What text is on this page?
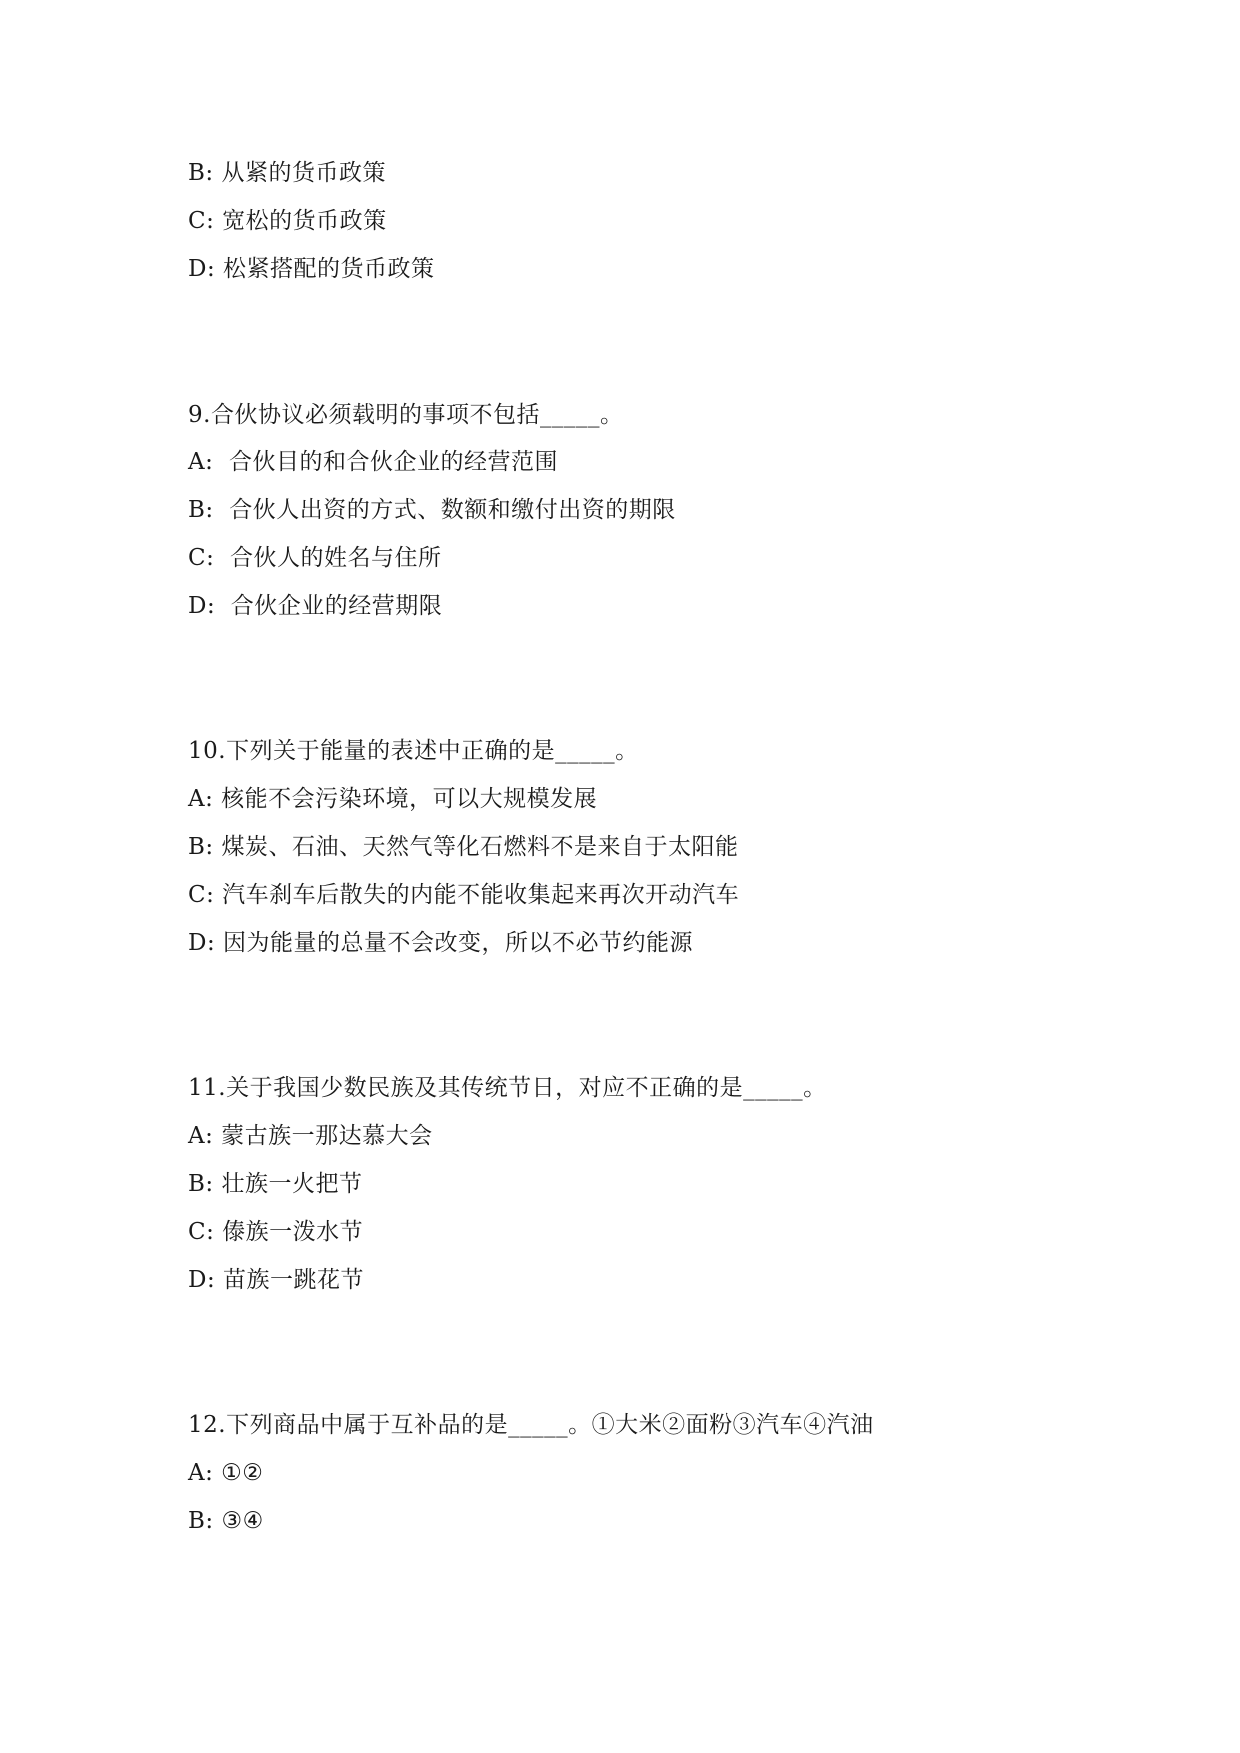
B: 从紧的货币政策
C: 宽松的货币政策
D: 松紧搭配的货币政策
9.合伙协议必须载明的事项不包括_____。
A:  合伙目的和合伙企业的经营范围
B:  合伙人出资的方式、数额和缴付出资的期限
C:  合伙人的姓名与住所
D:  合伙企业的经营期限
10.下列关于能量的表述中正确的是_____。
A: 核能不会污染环境，可以大规模发展
B: 煤炭、石油、天然气等化石燃料不是来自于太阳能
C: 汽车刹车后散失的内能不能收集起来再次开动汽车
D: 因为能量的总量不会改变，所以不必节约能源
11.关于我国少数民族及其传统节日，对应不正确的是_____。
A: 蒙古族一那达慕大会
B: 壮族一火把节
C: 傣族一泼水节
D: 苗族一跳花节
12.下列商品中属于互补品的是_____。①大米②面粉③汽车④汽油
A: ①②
B: ③④
